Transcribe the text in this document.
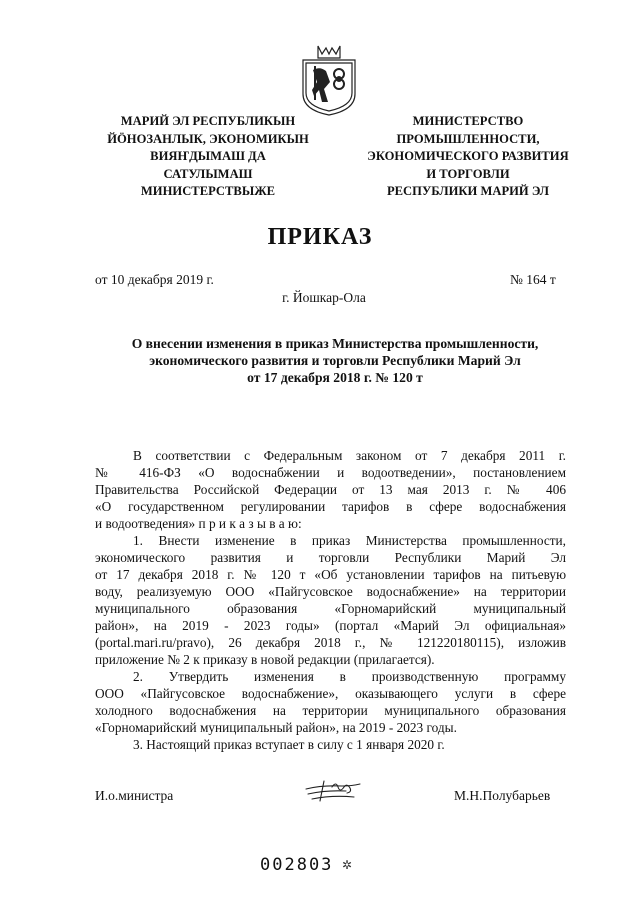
МАРИЙ ЭЛ РЕСПУБЛИКЫН
ЙÖНОЗАНЛЫК, ЭКОНОМИКЫН
ВИЯҤДЫМАШ ДА
САТУЛЫМАШ
МИНИСТЕРСТВЫЖЕ
МИНИСТЕРСТВО
ПРОМЫШЛЕННОСТИ,
ЭКОНОМИЧЕСКОГО РАЗВИТИЯ
И ТОРГОВЛИ
РЕСПУБЛИКИ МАРИЙ ЭЛ
ПРИКАЗ
от 10 декабря 2019 г.	№ 164 т
г. Йошкар-Ола
О внесении изменения в приказ Министерства промышленности,
экономического развития и торговли Республики Марий Эл
от 17 декабря 2018 г. № 120 т
В соответствии с Федеральным законом от 7 декабря 2011 г.
№ 416-ФЗ «О водоснабжении и водоотведении», постановлением
Правительства Российской Федерации от 13 мая 2013 г. № 406
«О государственном регулировании тарифов в сфере водоснабжения
и водоотведения» п р и к а з ы в а ю:
1. Внести изменение в приказ Министерства промышленности,
экономического развития и торговли Республики Марий Эл
от 17 декабря 2018 г. № 120 т «Об установлении тарифов на питьевую
воду, реализуемую ООО «Пайгусовское водоснабжение» на территории
муниципального образования «Горномарийский муниципальный
район», на 2019 - 2023 годы» (портал «Марий Эл официальная»
(portal.mari.ru/pravo), 26 декабря 2018 г., № 121220180115), изложив
приложение № 2 к приказу в новой редакции (прилагается).
2. Утвердить изменения в производственную программу
ООО «Пайгусовское водоснабжение», оказывающего услуги в сфере
холодного водоснабжения на территории муниципального образования
«Горномарийский муниципальный район», на 2019 - 2023 годы.
3. Настоящий приказ вступает в силу с 1 января 2020 г.
И.о.министра	М.Н.Полубарьев
002803 ✲
